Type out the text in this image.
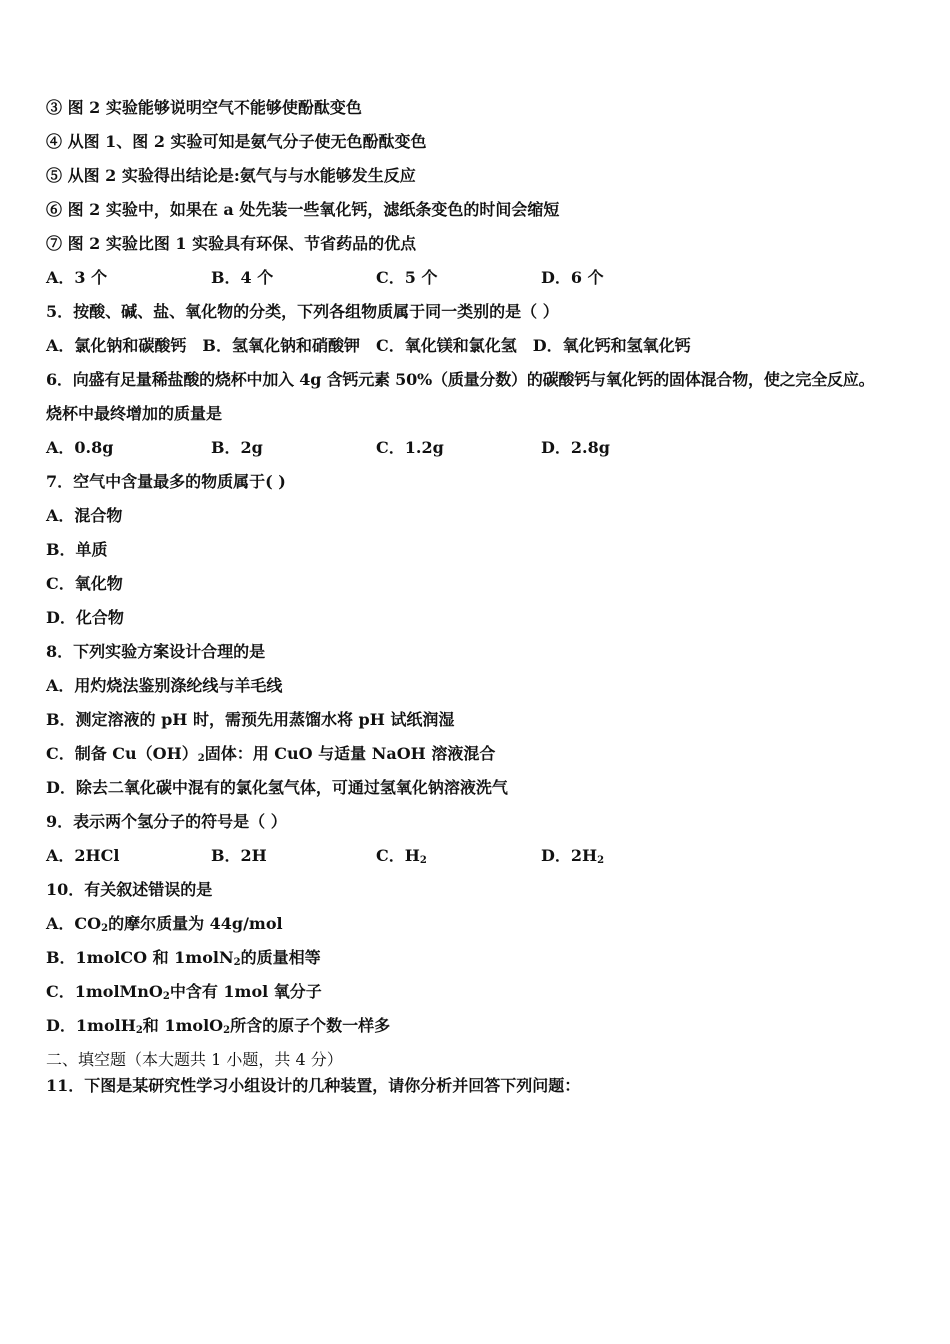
③ 图 2 实验能够说明空气不能够使酚酞变色
④ 从图 1、图 2 实验可知是氨气分子使无色酚酞变色
⑤ 从图 2 实验得出结论是:氨气与与水能够发生反应
⑥ 图 2 实验中，如果在 a 处先装一些氧化钙，滤纸条变色的时间会缩短
⑦ 图 2 实验比图 1 实验具有环保、节省药品的优点
A．3 个	B．4 个	C．5 个	D．6 个
5．按酸、碱、盐、氧化物的分类，下列各组物质属于同一类别的是（ ）
A．氯化钠和碳酸钙 B．氢氧化钠和硝酸钾 C．氧化镁和氯化氢 D．氧化钙和氢氧化钙
6．向盛有足量稀盐酸的烧杯中加入 4g 含钙元素 50%（质量分数）的碳酸钙与氧化钙的固体混合物，使之完全反应。
烧杯中最终增加的质量是
A．0.8g	B．2g	C．1.2g	D．2.8g
7．空气中含量最多的物质属于( )
A．混合物
B．单质
C．氧化物
D．化合物
8．下列实验方案设计合理的是
A．用灼烧法鉴别涤纶线与羊毛线
B．测定溶液的 pH 时，需预先用蒸馏水将 pH 试纸润湿
C．制备 $Cu(OH)_2$固体：用 CuO 与适量 NaOH 溶液混合
D．除去二氧化碳中混有的氯化氢气体，可通过氢氧化钠溶液洗气
9．表示两个氢分子的符号是（ ）
A．2HCl	B．2H	C．$H_2$	D．$2H_2$
10．有关叙述错误的是
A．$CO_2$的摩尔质量为 44g/mol
B．1molCO 和 1molN$_2$的质量相等
C．1molMnO$_2$中含有 1mol 氧分子
D．1molH$_2$和 1molO$_2$所含的原子个数一样多
二、填空题（本大题共 1 小题，共 4 分）
11．下图是某研究性学习小组设计的几种装置，请你分析并回答下列问题：
